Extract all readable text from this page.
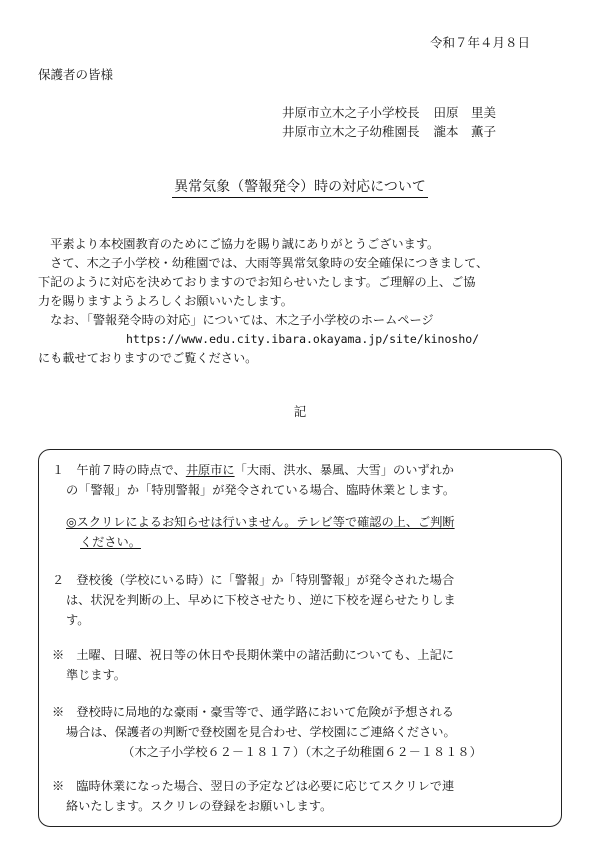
令和７年４月８日
保護者の皆様
井原市立木之子小学校長 田原　里美
井原市立木之子幼稚園長 瀧本　薫子
異常気象（警報発令）時の対応について

　平素より本校園教育のためにご協力を賜り誠にありがとうございます。

　さて、木之子小学校・幼稚園では、大雨等異常気象時の安全確保につきまして、

下記のように対応を決めておりますのでお知らせいたします。ご理解の上、ご協

力を賜りますようよろしくお願いいたします。

　なお、「警報発令時の対応」については、木之子小学校のホームページ

https://www.edu.city.ibara.okayama.jp/site/kinosho/

にも載せておりますのでご覧ください。

記

１　午前７時の時点で、井原市に「大雨、洪水、暴風、大雪」のいずれか

の「警報」か「特別警報」が発令されている場合、臨時休業とします。

◎スクリレによるお知らせは行いません。テレビ等で確認の上、ご判断

ください。

２　登校後（学校にいる時）に「警報」か「特別警報」が発令された場合

は、状況を判断の上、早めに下校させたり、逆に下校を遅らせたりしま

す。

※　土曜、日曜、祝日等の休日や長期休業中の諸活動についても、上記に

準じます。

※　登校時に局地的な豪雨・豪雪等で、通学路において危険が予想される

場合は、保護者の判断で登校園を見合わせ、学校園にご連絡ください。

（木之子小学校６２－１８１７）（木之子幼稚園６２－１８１８）

※　臨時休業になった場合、翌日の予定などは必要に応じてスクリレで連

絡いたします。スクリレの登録をお願いします。
